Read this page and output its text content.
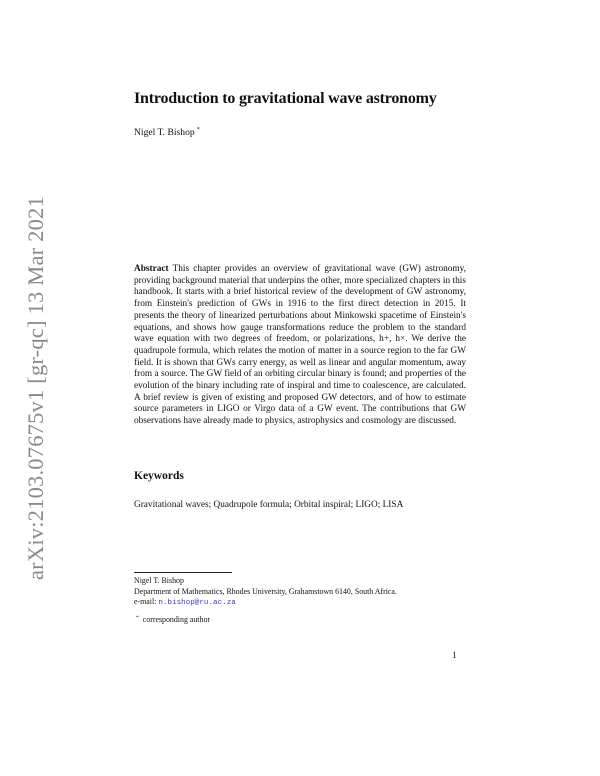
arXiv:2103.07675v1 [gr-qc] 13 Mar 2021
Introduction to gravitational wave astronomy
Nigel T. Bishop *
Abstract This chapter provides an overview of gravitational wave (GW) astronomy, providing background material that underpins the other, more specialized chapters in this handbook. It starts with a brief historical review of the development of GW astronomy, from Einstein's prediction of GWs in 1916 to the first direct detection in 2015. It presents the theory of linearized perturbations about Minkowski spacetime of Einstein's equations, and shows how gauge transformations reduce the problem to the standard wave equation with two degrees of freedom, or polarizations, h+, h×. We derive the quadrupole formula, which relates the motion of matter in a source region to the far GW field. It is shown that GWs carry energy, as well as linear and angular momentum, away from a source. The GW field of an orbiting circular binary is found; and properties of the evolution of the binary including rate of inspiral and time to coalescence, are calculated. A brief review is given of existing and proposed GW detectors, and of how to estimate source parameters in LIGO or Virgo data of a GW event. The contributions that GW observations have already made to physics, astrophysics and cosmology are discussed.
Keywords
Gravitational waves; Quadrupole formula; Orbital inspiral; LIGO; LISA
Nigel T. Bishop
Department of Mathematics, Rhodes University, Grahamstown 6140, South Africa.
e-mail: n.bishop@ru.ac.za
* corresponding author
1
